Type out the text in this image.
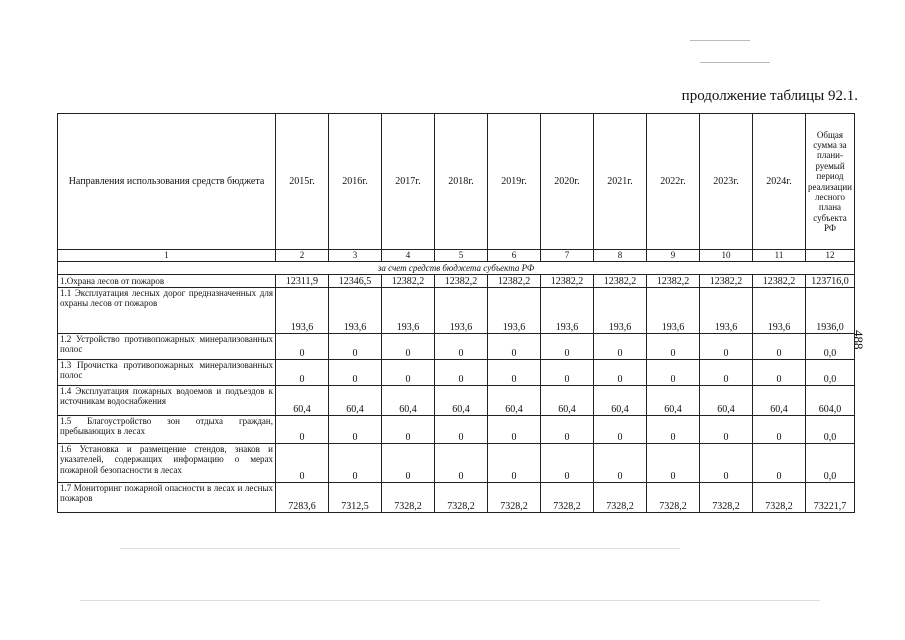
продолжение таблицы 92.1.
488
Направления использования средств бюджета	2015г.	2016г.	2017г.	2018г.	2019г.	2020г.	2021г.	2022г.	2023г.	2024г.	Общая сумма за плани-руемый период реализации лесного плана субъекта РФ
1	2	3	4	5	6	7	8	9	10	11	12
за счет средств бюджета субъекта РФ											
1.Охрана лесов от пожаров	12311,9	12346,5	12382,2	12382,2	12382,2	12382,2	12382,2	12382,2	12382,2	12382,2	123716,0
1.1 Эксплуатация лесных дорог предназначенных для охраны лесов от пожаров	193,6	193,6	193,6	193,6	193,6	193,6	193,6	193,6	193,6	193,6	1936,0
1.2 Устройство противопожарных минерализованных полос	0	0	0	0	0	0	0	0	0	0	0,0
1.3 Прочистка противопожарных минерализованных полос	0	0	0	0	0	0	0	0	0	0	0,0
1.4 Эксплуатация пожарных водоемов и подъездов к источникам водоснабжения	60,4	60,4	60,4	60,4	60,4	60,4	60,4	60,4	60,4	60,4	604,0
1.5 Благоустройство зон отдыха граждан, пребывающих в лесах	0	0	0	0	0	0	0	0	0	0	0,0
1.6 Установка и размещение стендов, знаков и указателей, содержащих информацию о мерах пожарной безопасности в лесах	0	0	0	0	0	0	0	0	0	0	0,0
1.7 Мониторинг пожарной опасности в лесах и лесных пожаров	7283,6	7312,5	7328,2	7328,2	7328,2	7328,2	7328,2	7328,2	7328,2	7328,2	73221,7
